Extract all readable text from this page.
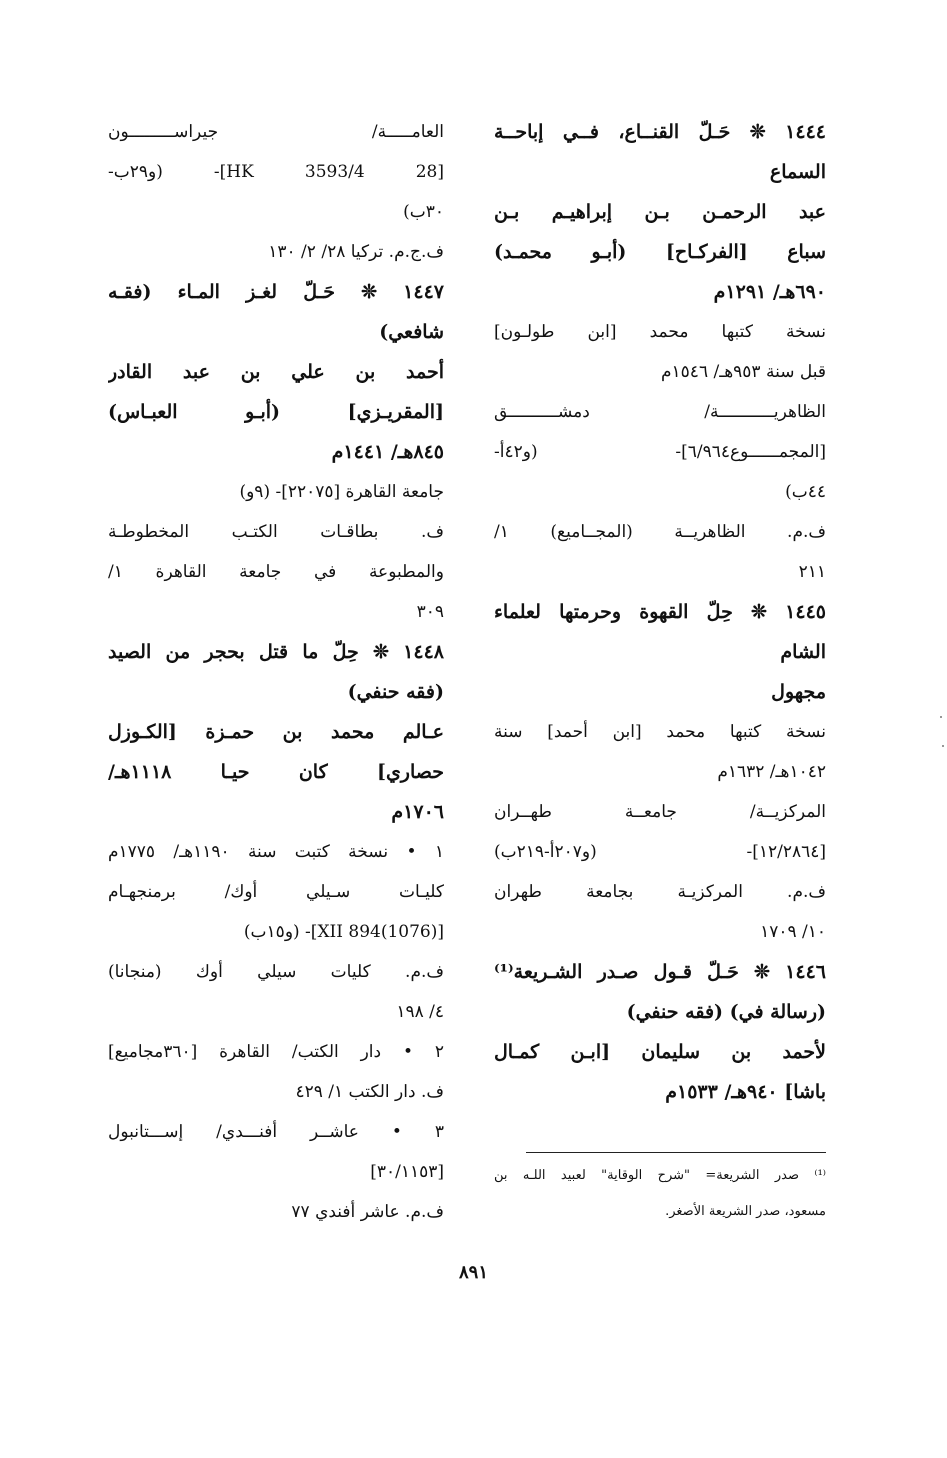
١٤٤٤ ❊ حَـلّ القنــاع، فــي إباحــة
السماع
عبد الرحمـن بـن إبراهيـم بـن
سباع [الفركـاح] (أبـو محمـد)
٦٩٠هـ/ ١٢٩١م
نسخة كتبها محمد [ابن طولـون]
قبل سنة ٩٥٣هـ/ ١٥٤٦م
الظاهريـــــــــــة/ دمشــــــــــق
[المجمــــــوع٦/٩٦٤]- (و٤٢أ-
٤٤ب)
ف.م. الظاهريــة (المجــاميع) ١/
٢١١
١٤٤٥ ❊ حِلّ القهوة وحرمتها لعلماء
الشام
مجهول
نسخة كتبها محمد [ابن أحمد] سنة
١٠٤٢هـ/ ١٦٣٢م
المركزيــة/ جامعــة طهــران
[١٢/٢٨٦٤]- (و٢٠٧أ-٢١٩ب)
ف.م. المركزيـة بجامعة طهران
١٠/ ١٧٠٩
١٤٤٦ ❊ حَـلّ قـول صـدر الشـريعة⁽¹⁾
(رسالة في) (فقه حنفي)
لأحمد بن سليمان [ابـن كمـال
باشا] ٩٤٠هـ/ ١٥٣٣م
العامـــــة/ جيراســـــــــون
[HK 3593/4 28]- (و٢٩ب-
٣٠ب)
ف.ج.م. تركيا ٢٨/ ٢/ ١٣٠
١٤٤٧ ❊ حَـلّ لغـز المـاء (فقـه
شافعي)
أحمد بن علي بن عبد القادر
[المقريـزي] (أبـو العبـاس)
٨٤٥هـ/ ١٤٤١م
جامعة القاهرة [٢٢٠٧٥]- (٩و)
ف. بطاقـات الكتـب المخطوطـة
والمطبوعة في جامعة القاهرة ١/
٣٠٩
١٤٤٨ ❊ حِلّ ما قتل بحجر من الصيد
(فقه حنفي)
عـالم محمد بن حمـزة [الكـوزل
حصاري] كان حيـا ١١١٨هـ/
١٧٠٦م
١ • نسخة كتبت سنة ١١٩٠هـ/ ١٧٧٥م
كليـات سـيلي أوك/ برمنجهـام
[XII 894(1076)]- (و١٥ب)
ف.م. كليات سيلي أوك (منجانا)
٤/ ١٩٨
٢ • دار الكتب/ القاهرة [٣٦٠مجاميع]
ف. دار الكتب ١/ ٤٢٩
٣ • عاشــر أفنـــدي/ إســـتانبول
[٣٠/١١٥٣]
ف.م. عاشر أفندي ٧٧
⁽¹⁾ صدر الشريعة= "شرح الوقاية" لعبيد اللـه بن
مسعود، صدر الشريعة الأصغر.
٨٩١
